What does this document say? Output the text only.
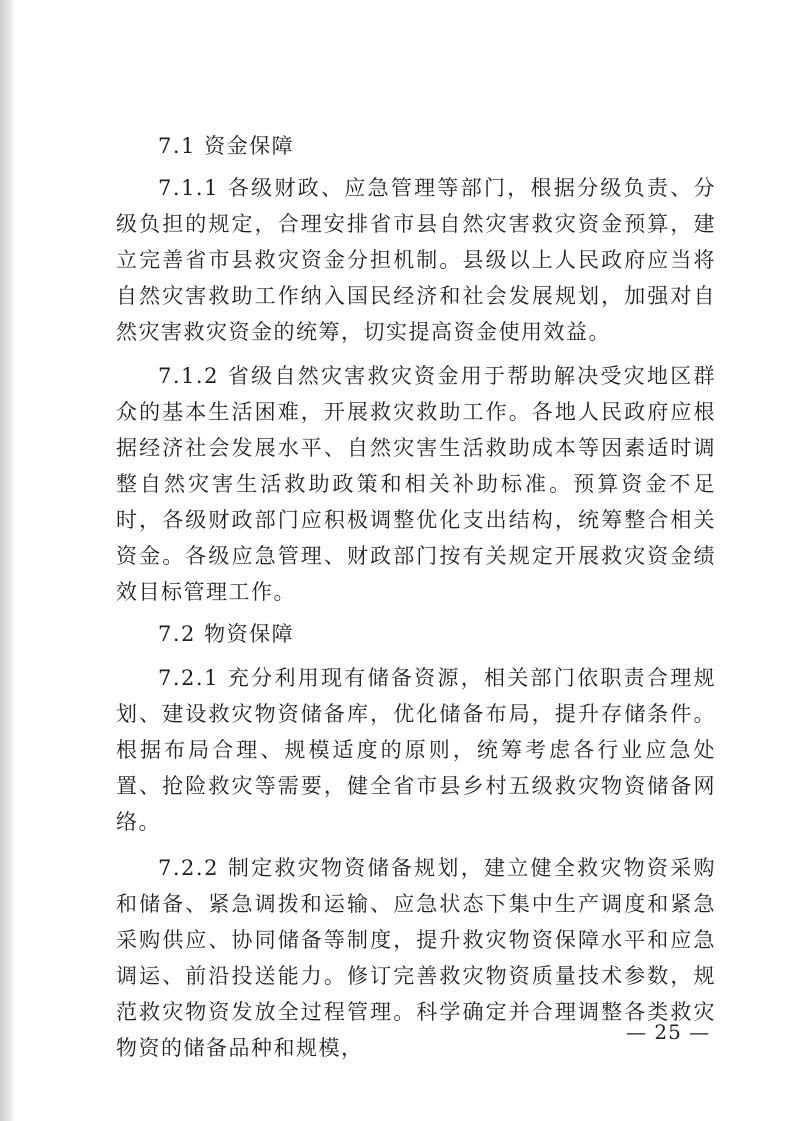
7.1 资金保障

7.1.1 各级财政、应急管理等部门，根据分级负责、分级负担的规定，合理安排省市县自然灾害救灾资金预算，建立完善省市县救灾资金分担机制。县级以上人民政府应当将自然灾害救助工作纳入国民经济和社会发展规划，加强对自然灾害救灾资金的统筹，切实提高资金使用效益。

7.1.2 省级自然灾害救灾资金用于帮助解决受灾地区群众的基本生活困难，开展救灾救助工作。各地人民政府应根据经济社会发展水平、自然灾害生活救助成本等因素适时调整自然灾害生活救助政策和相关补助标准。预算资金不足时，各级财政部门应积极调整优化支出结构，统筹整合相关资金。各级应急管理、财政部门按有关规定开展救灾资金绩效目标管理工作。

7.2 物资保障

7.2.1 充分利用现有储备资源，相关部门依职责合理规划、建设救灾物资储备库，优化储备布局，提升存储条件。根据布局合理、规模适度的原则，统筹考虑各行业应急处置、抢险救灾等需要，健全省市县乡村五级救灾物资储备网络。

7.2.2 制定救灾物资储备规划，建立健全救灾物资采购和储备、紧急调拨和运输、应急状态下集中生产调度和紧急采购供应、协同储备等制度，提升救灾物资保障水平和应急调运、前沿投送能力。修订完善救灾物资质量技术参数，规范救灾物资发放全过程管理。科学确定并合理调整各类救灾物资的储备品种和规模，

— 25 —
